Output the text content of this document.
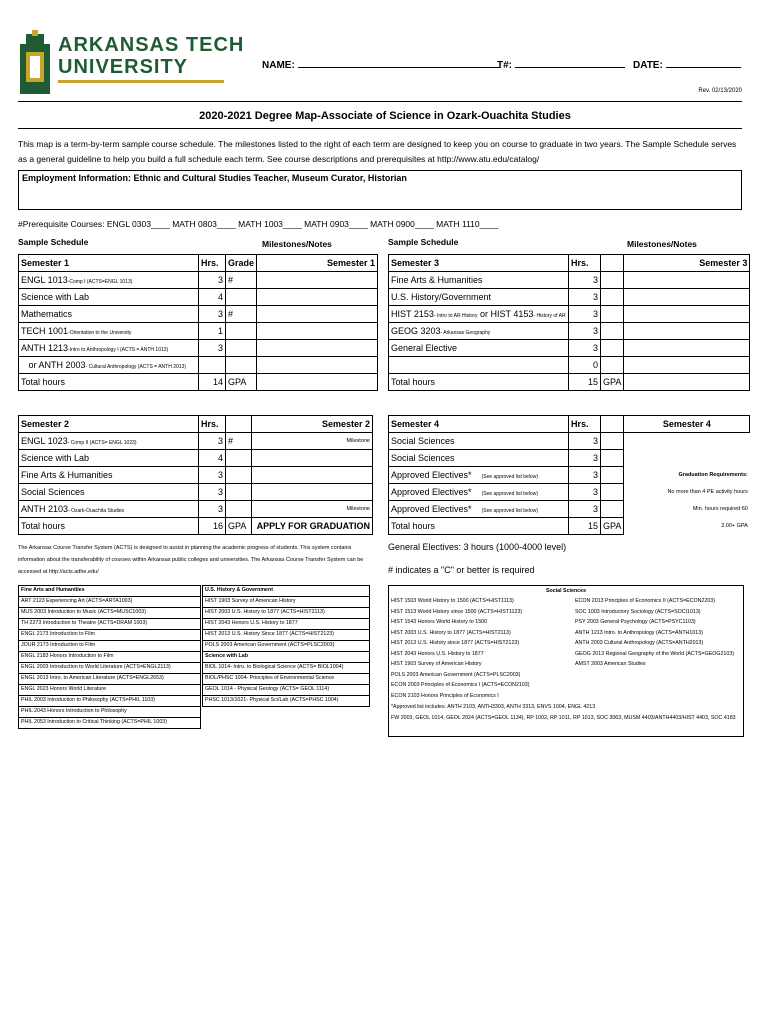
ARKANSAS TECH
UNIVERSITY	NAME:	T#:	DATE:
Rev. 02/13/2020
2020-2021 Degree Map-Associate of Science in Ozark-Ouachita Studies
This map is a term-by-term sample course schedule. The milestones listed to the right of each term are designed to keep you on course to graduate in two years. The Sample Schedule serves as a general guideline to help you build a full schedule each term. See course descriptions and prerequisites at http://www.atu.edu/catalog/
Employment Information: Ethnic and Cultural Studies Teacher, Museum Curator, Historian
#Prerequisite Courses: ENGL 0303____ MATH 0803____ MATH 1003____ MATH 0903____ MATH 0900____ MATH 1110____
Sample Schedule	Milestones/Notes	Sample Schedule	Milestones/Notes
Semester 1	Hrs.	Grade	Semester 1
ENGL 1013-Comp I (ACTS=ENGL 1013)	3	#	
Science with Lab	4		
Mathematics	3	#	
TECH 1001-Orientation to the University	1		
ANTH 1213-Intro to Anthropology I (ACTS = ANTH 1013)	3		
or ANTH 2003- Cultural Anthropology (ACTS = ANTH 2013)			
Total hours	14	GPA	
Semester 3	Hrs.		Semester 3
Fine Arts & Humanities	3		
U.S. History/Government	3		
HIST 2153- Intro to AR History or HIST 4153- History of AR	3		
GEOG 3203- Arkansas Geography	3		
General Elective	3		
	0		
Total hours	15	GPA	
Semester 2	Hrs.		Semester 2
ENGL 1023- Comp II (ACTS= ENGL 1023)	3	#	Milestone
Science with Lab	4		
Fine Arts & Humanities	3		
Social Sciences	3		
ANTH 2103- Ozark-Ouachita Studies	3		Milestone
Total hours	16	GPA	APPLY FOR GRADUATION
Semester 4	Hrs.		Semester 4
Social Sciences	3		
Social Sciences	3		
Approved Electives* (See approved list below)	3		Graduation Requirements:
Approved Electives* (See approved list below)	3		No more than 4 PE activity hours
Approved Electives* (See approved list below)	3		Min. hours required:60
Total hours	15	GPA	2.00+ GPA
The Arkansas Course Transfer System (ACTS) is designed to assist in planning the academic progress of students. This system contains information about the transferability of courses within Arkansas public colleges and universities. The Arkansas Course Transfer System can be accessed at http://acts.adhe.edu/
General Electives: 3 hours (1000-4000 level)
# indicates a "C" or better is required
Fine Arts and Humanities
ART 2123 Experiencing Art (ACTS=ARTA1003)
MUS 2003 Introduction to Music (ACTS=MUSC1003)
TH 2273 Introduction to Theatre (ACTS=DRAM 1003)
ENGL 2173 Introduction to Film
JOUR 2173 Introduction to Film
ENGL 2183 Honors Introduction to Film
ENGL 2003 Introduction to World Literature (ACTS=ENGL2113)
ENGL 2013 Intro. to American Literature (ACTS=ENGL2653)
ENGL 2023 Honors World Literature
PHIL 2003 Introduction to Philosophy (ACTS=PHIL 1103)
PHIL 2043 Honors Introduction to Philosophy
PHIL 2053 Introduction to Critical Thinking (ACTS=PHIL 1003)
U.S. History & Government
HIST 1903 Survey of American History
HIST 2003 U.S. History to 1877 (ACTS=HIST2113)
HIST 2043 Honors U.S. History to 1877
HIST 2013 U.S. History Since 1877 (ACTS=HIST2123)
POLS 2003 American Government (ACTS=PLSC2003)
Science with Lab
BIOL 1014- Intro. to Biological Science (ACTS= BIOL1004)
BIOL/PHSC 1004- Principles of Environmental Science
GEOL 1014 - Physical Geology (ACTS= GEOL 1114)
PHSC 1013/1021- Physical Sci/Lab (ACTS=PHSC 1004)
Social Sciences
HIST 1503 World History to 1500 (ACTS=HIST1113)
HIST 1513 World History since 1500 (ACTS=HIST1123)
HIST 1543 Honors World History to 1500
HIST 2003 U.S. History to 1877 (ACTS=HIST2113)
HIST 2013 U.S. History since 1877 (ACTS=HIST2123)
HIST 2043 Honors U.S. History to 1877
HIST 1903 Survey of American History
POLS 2003 American Government (ACTS=PLSC2003)
ECON 2003 Principles of Economics I (ACTS=ECON2103)
ECON 2103 Honors Principles of Economics I
ECON 2013 Principles of Economics II (ACTS=ECON2203)
SOC 1003 Introductory Sociology (ACTS=SOCI1013)
PSY 2003 General Psychology (ACTS=PSYC1103)
ANTH 1213 Intro. to Anthropology (ACTS=ANTH1013)
ANTH 2003 Cultural Anthropology (ACTS=ANTH2013)
GEOG 2013 Regional Geography of the World (ACTS=GEOG2103)
AMST 2003 American Studies
*Approved list includes: ANTH 2103, ANTH3303, ANTH 3313, ENVS 1004, ENGL 4213
FW 2003, GEOL 1014, GEOL 2024 (ACTS=GEOL 1134), RP 1002, RP 1011, RP 1013, SOC 3063, MUSM 4403/ANTH4403/HIST 4403, SOC 4183
